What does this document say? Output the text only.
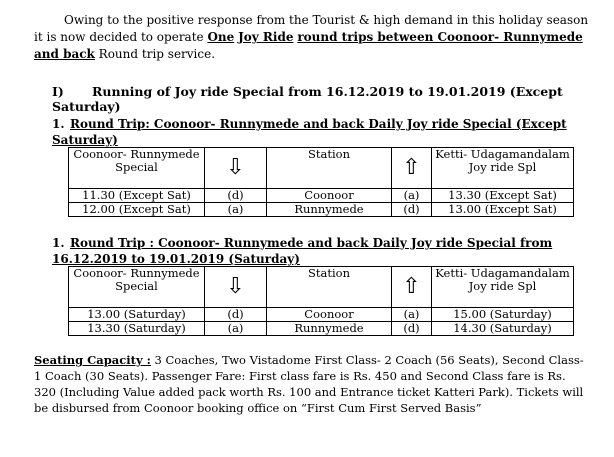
Owing to the positive response from the Tourist & high demand in this holiday season it is now decided to operate One Joy Ride round trips between Coonoor- Runnymede and back Round trip service.
I) Running of Joy ride Special from 16.12.2019 to 19.01.2019 (Except Saturday)
1. Round Trip: Coonoor- Runnymede and back Daily Joy ride Special (Except Saturday)
Coonoor- Runnymede Special	⇩	Station	⇧	Ketti- Udagamandalam Joy ride Spl
11.30 (Except Sat)	(d)	Coonoor	(a)	13.30 (Except Sat)
12.00 (Except Sat)	(a)	Runnymede	(d)	13.00 (Except Sat)
1. Round Trip : Coonoor- Runnymede and back Daily Joy ride Special from 16.12.2019 to 19.01.2019 (Saturday)
Coonoor- Runnymede Special	⇩	Station	⇧	Ketti- Udagamandalam Joy ride Spl
13.00 (Saturday)	(d)	Coonoor	(a)	15.00 (Saturday)
13.30 (Saturday)	(a)	Runnymede	(d)	14.30 (Saturday)
Seating Capacity : 3 Coaches, Two Vistadome First Class- 2 Coach (56 Seats), Second Class- 1 Coach (30 Seats). Passenger Fare: First class fare is Rs. 450 and Second Class fare is Rs. 320 (Including Value added pack worth Rs. 100 and Entrance ticket Katteri Park). Tickets will be disbursed from Coonoor booking office on “First Cum First Served Basis”
